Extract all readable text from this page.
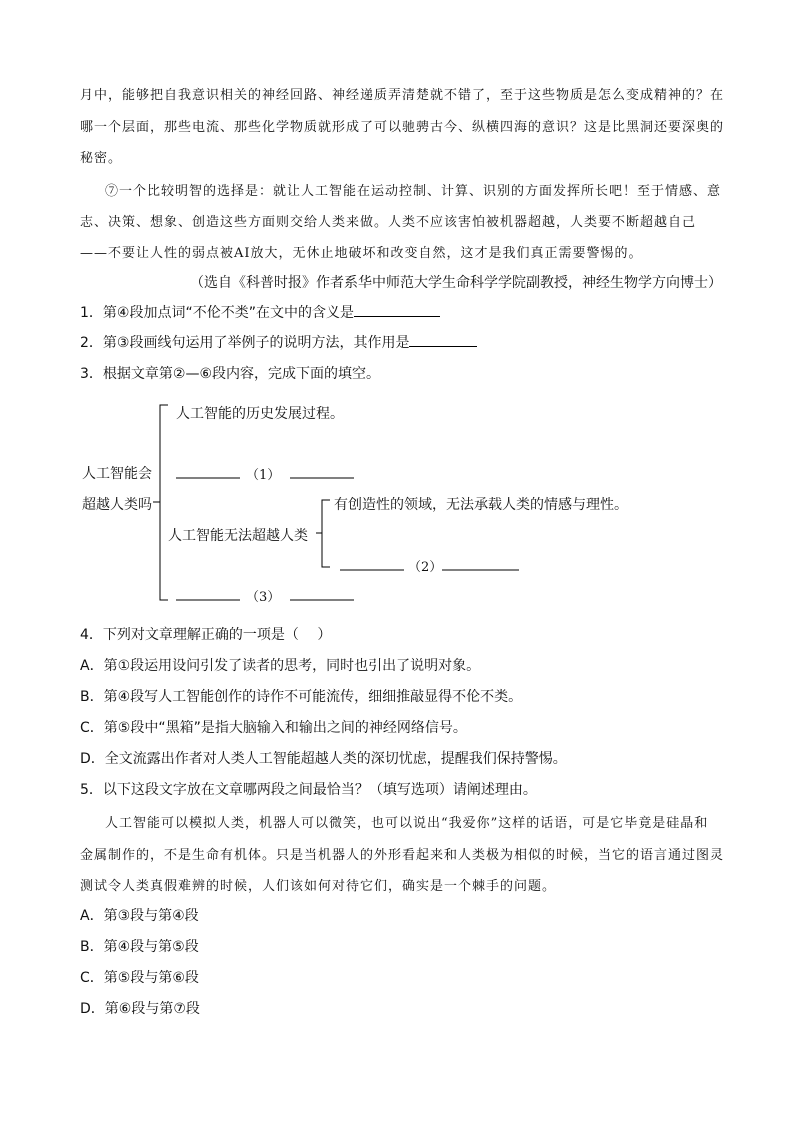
月中，能够把自我意识相关的神经回路、神经递质弄清楚就不错了，至于这些物质是怎么变成精神的？在
哪一个层面，那些电流、那些化学物质就形成了可以驰骋古今、纵横四海的意识？这是比黑洞还要深奥的
秘密。
⑦一个比较明智的选择是：就让人工智能在运动控制、计算、识别的方面发挥所长吧！至于情感、意
志、决策、想象、创造这些方面则交给人类来做。人类不应该害怕被机器超越，人类要不断超越自己
——不要让人性的弱点被AI放大，无休止地破坏和改变自然，这才是我们真正需要警惕的。
（选自《科普时报》作者系华中师范大学生命科学学院副教授，神经生物学方向博士）
1．第④段加点词“不伦不类”在文中的含义是
2．第③段画线句运用了举例子的说明方法，其作用是
3．根据文章第②—⑥段内容，完成下面的填空。
人工智能会
超越人类吗
人工智能的历史发展过程。
（1）
人工智能无法超越人类
有创造性的领域，无法承载人类的情感与理性。
（2）
（3）
4．下列对文章理解正确的一项是（　 ）
A．第①段运用设问引发了读者的思考，同时也引出了说明对象。
B．第④段写人工智能创作的诗作不可能流传，细细推敲显得不伦不类。
C．第⑤段中“黑箱”是指大脑输入和输出之间的神经网络信号。
D．全文流露出作者对人类人工智能超越人类的深切忧虑，提醒我们保持警惕。
5．以下这段文字放在文章哪两段之间最恰当？（填写选项）请阐述理由。
人工智能可以模拟人类，机器人可以微笑，也可以说出“我爱你”这样的话语，可是它毕竟是硅晶和
金属制作的，不是生命有机体。只是当机器人的外形看起来和人类极为相似的时候，当它的语言通过图灵
测试令人类真假难辨的时候，人们该如何对待它们，确实是一个棘手的问题。
A．第③段与第④段
B．第④段与第⑤段
C．第⑤段与第⑥段
D．第⑥段与第⑦段
